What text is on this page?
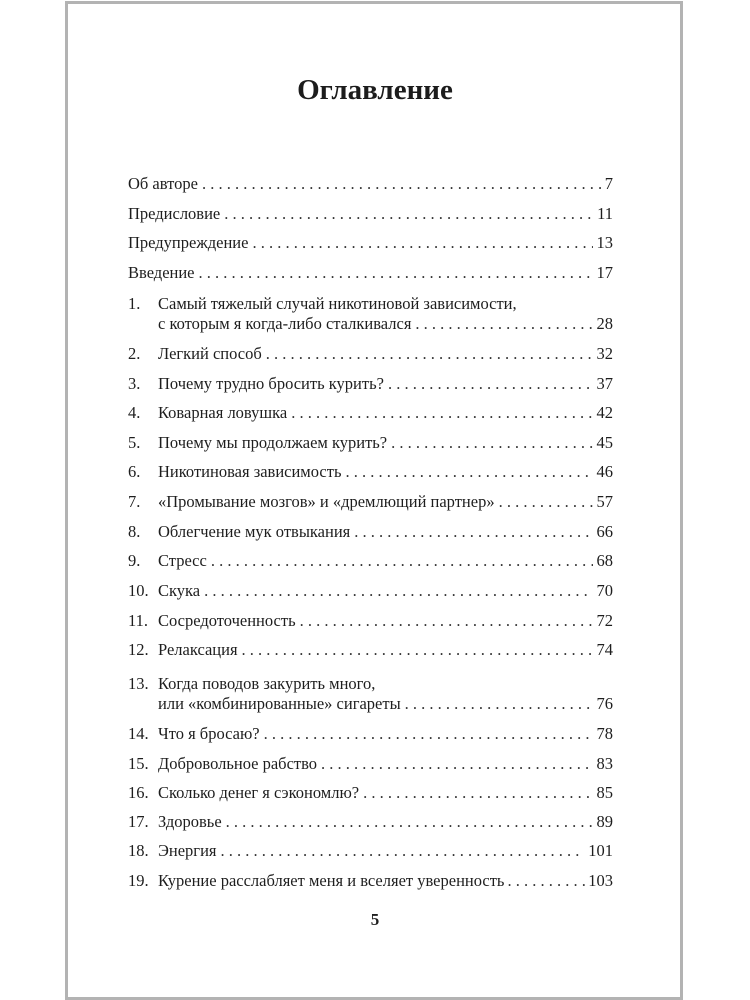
Оглавление
Об авторе . . .	7
Предисловие . . .	11
Предупреждение . . .	13
Введение . . .	17
1.	Самый тяжелый случай никотиновой зависимости,
с которым я когда-либо сталкивался . . .	28
2.	Легкий способ . . .	32
3.	Почему трудно бросить курить? . . .	37
4.	Коварная ловушка . . .	42
5.	Почему мы продолжаем курить? . . .	45
6.	Никотиновая зависимость . . .	46
7.	«Промывание мозгов» и «дремлющий партнер» . . .	57
8.	Облегчение мук отвыкания . . .	66
9.	Стресс . . .	68
10. Скука . . .	70
11. Сосредоточенность . . .	72
12. Релаксация . . .	74
13. Когда поводов закурить много,
или «комбинированные» сигареты . . .	76
14. Что я бросаю? . . .	78
15. Добровольное рабство . . .	83
16. Сколько денег я сэкономлю? . . .	85
17. Здоровье . . .	89
18. Энергия . . .	101
19. Курение расслабляет меня и вселяет уверенность . . .	103
5
